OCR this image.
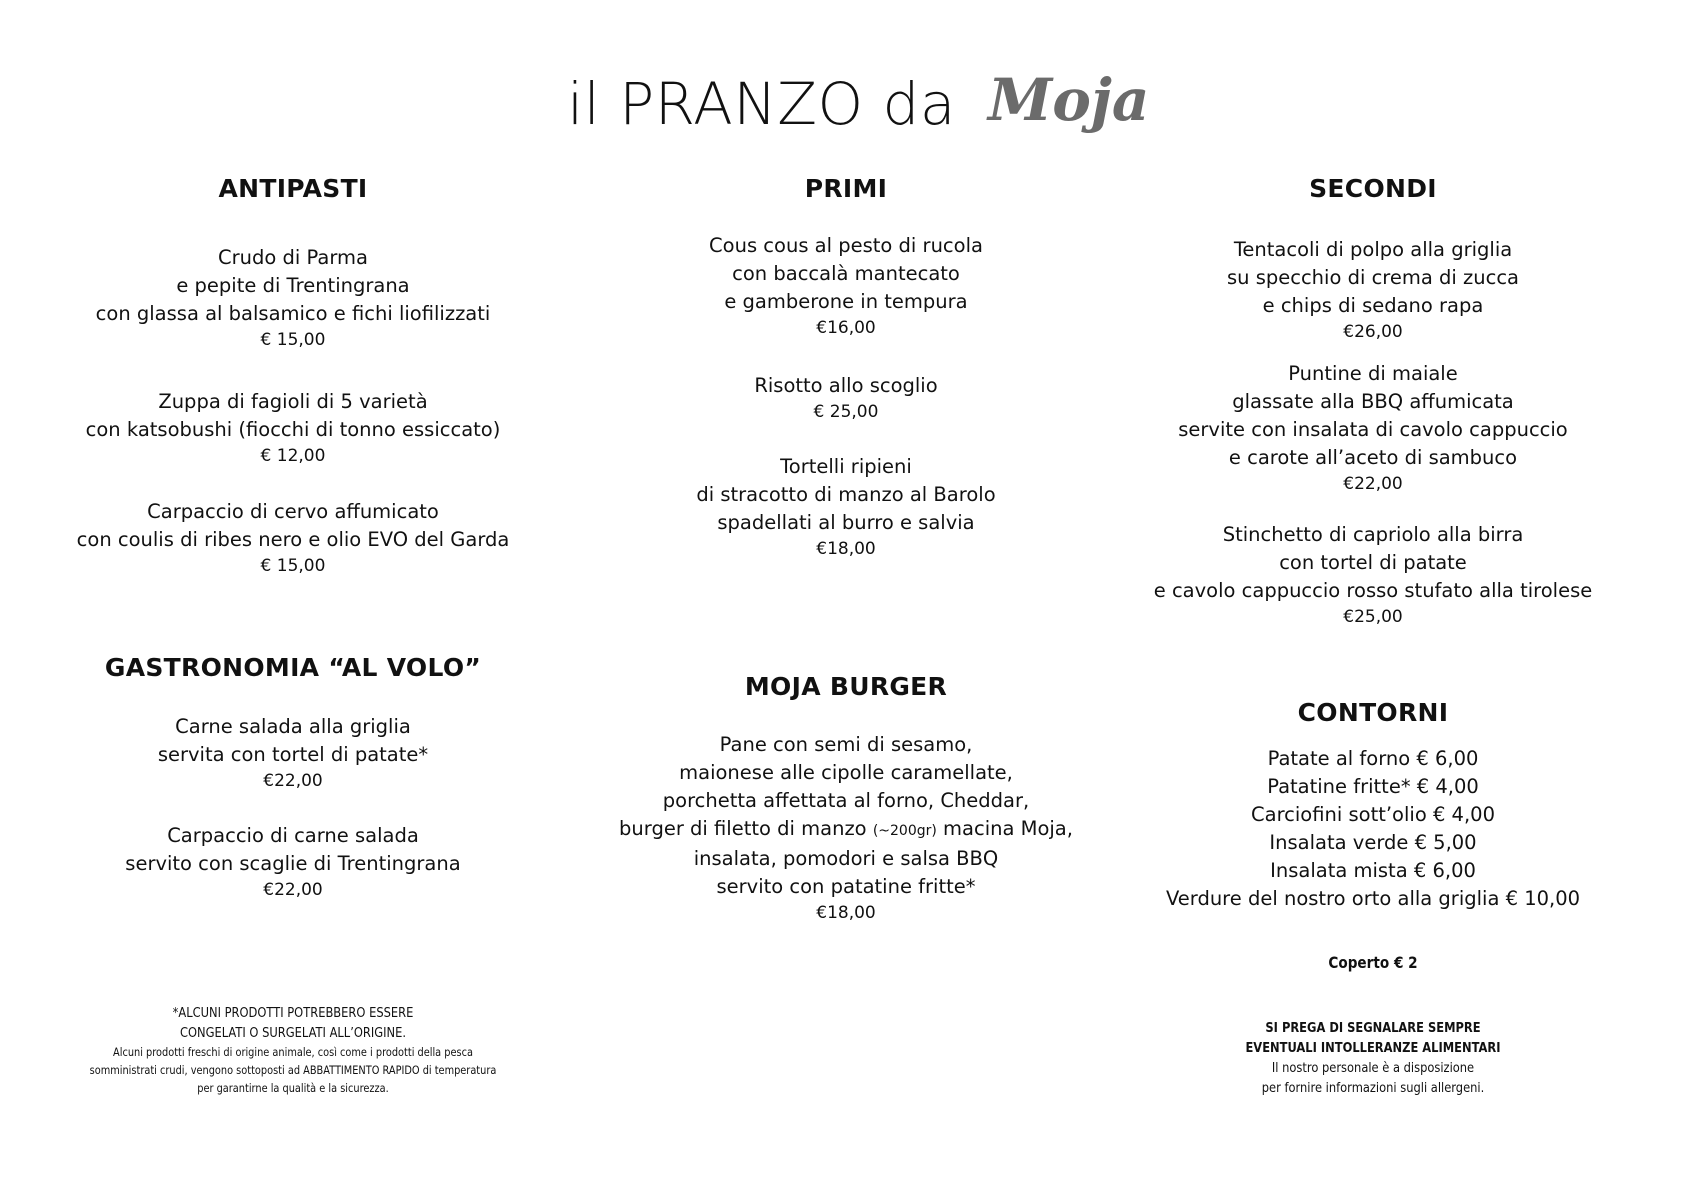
il PRANZO da Moja
ANTIPASTI
Crudo di Parma
e pepite di Trentingrana
con glassa al balsamico e fichi liofilizzati
€ 15,00
Zuppa di fagioli di 5 varietà
con katsobushi (fiocchi di tonno essiccato)
€ 12,00
Carpaccio di cervo affumicato
con coulis di ribes nero e olio EVO del Garda
€ 15,00
GASTRONOMIA “AL VOLO”
Carne salada alla griglia
servita con tortel di patate*
€22,00
Carpaccio di carne salada
servito con scaglie di Trentingrana
€22,00
*ALCUNI PRODOTTI POTREBBERO ESSERE
CONGELATI O SURGELATI ALL’ORIGINE.
Alcuni prodotti freschi di origine animale, così come i prodotti della pesca
somministrati crudi, vengono sottoposti ad ABBATTIMENTO RAPIDO di temperatura
per garantirne la qualità e la sicurezza.
PRIMI
Cous cous al pesto di rucola
con baccalà mantecato
e gamberone in tempura
€16,00
Risotto allo scoglio
€ 25,00
Tortelli ripieni
di stracotto di manzo al Barolo
spadellati al burro e salvia
€18,00
MOJA BURGER
Pane con semi di sesamo,
maionese alle cipolle caramellate,
porchetta affettata al forno, Cheddar,
burger di filetto di manzo (~200gr) macina Moja,
insalata, pomodori e salsa BBQ
servito con patatine fritte*
€18,00
SECONDI
Tentacoli di polpo alla griglia
su specchio di crema di zucca
e chips di sedano rapa
€26,00
Puntine di maiale
glassate alla BBQ affumicata
servite con insalata di cavolo cappuccio
e carote all’aceto di sambuco
€22,00
Stinchetto di capriolo alla birra
con tortel di patate
e cavolo cappuccio rosso stufato alla tirolese
€25,00
CONTORNI
Patate al forno € 6,00
Patatine fritte* € 4,00
Carciofini sott’olio € 4,00
Insalata verde € 5,00
Insalata mista € 6,00
Verdure del nostro orto alla griglia € 10,00
Coperto € 2
SI PREGA DI SEGNALARE SEMPRE
EVENTUALI INTOLLERANZE ALIMENTARI
Il nostro personale è a disposizione
per fornire informazioni sugli allergeni.
